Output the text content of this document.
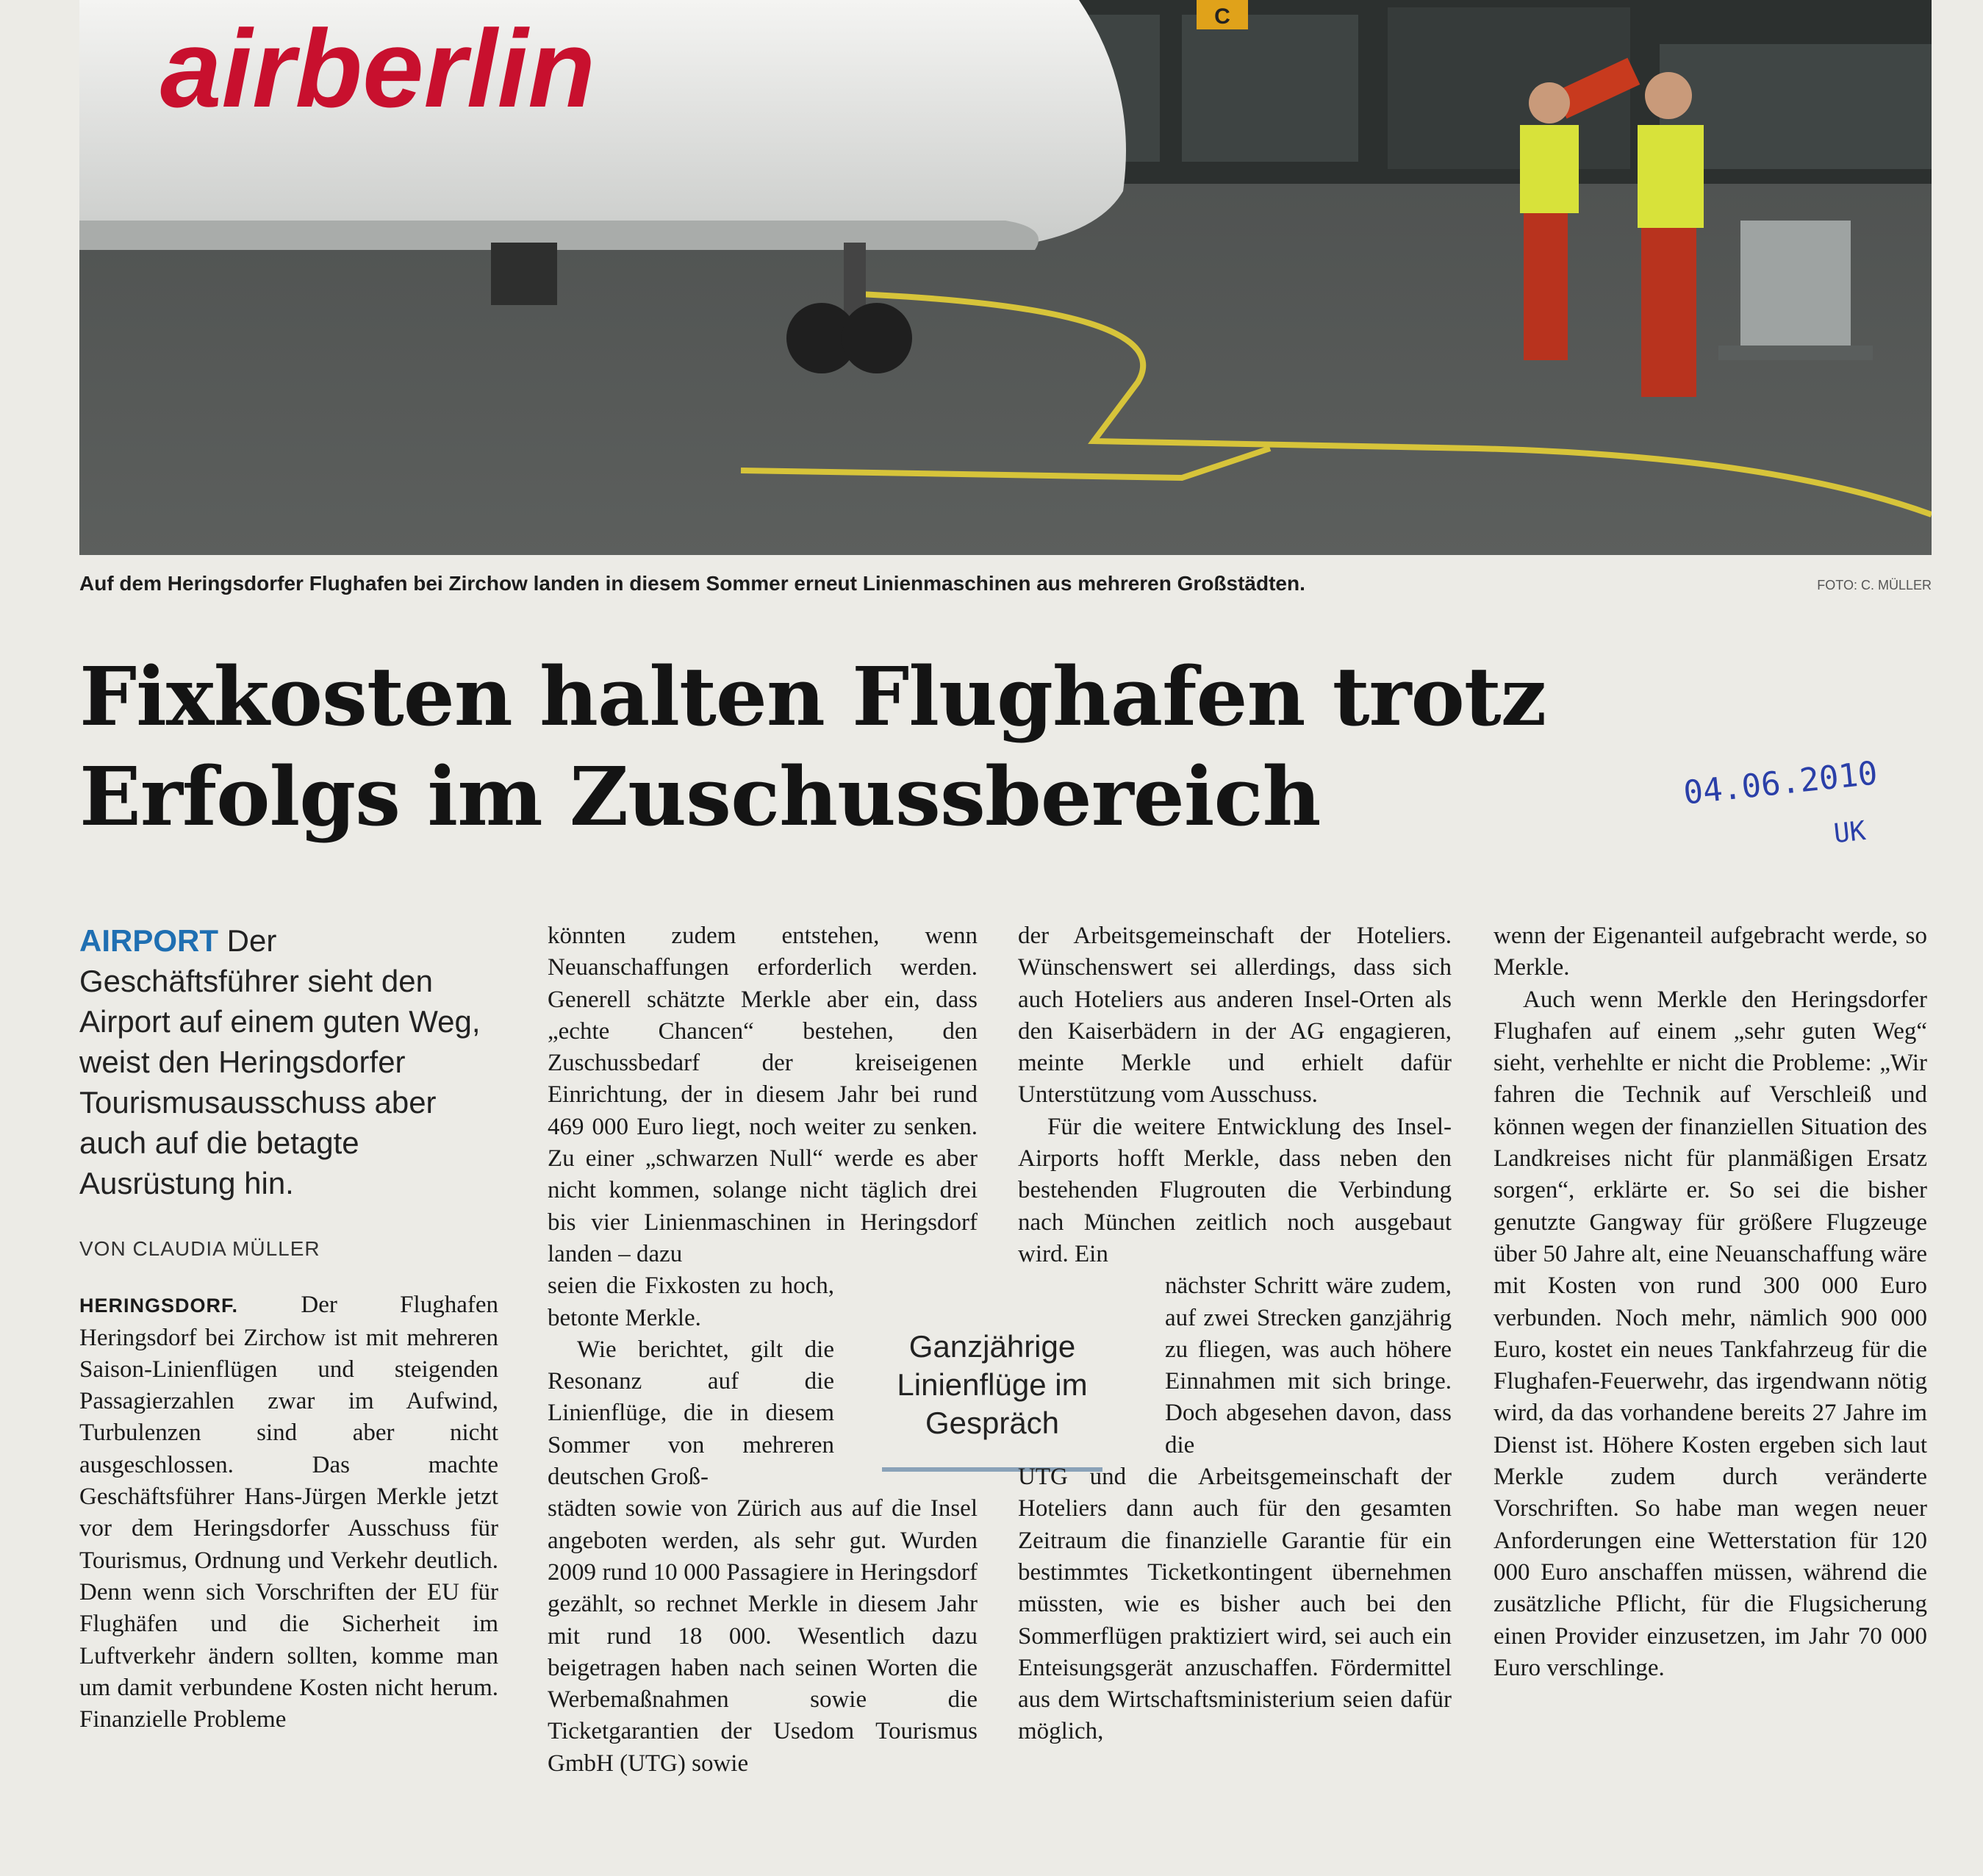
C
airberlin
Auf dem Heringsdorfer Flughafen bei Zirchow landen in diesem Sommer erneut Linienmaschinen aus mehreren Großstädten.	FOTO: C. MÜLLER
Fixkosten halten Flughafen trotz
Erfolgs im Zuschussbereich	04.06.2010
UK
AIRPORT Der Geschäftsführer sieht den Airport auf einem guten Weg, weist den Heringsdorfer Tourismusausschuss aber auch auf die betagte Ausrüstung hin.
VON CLAUDIA MÜLLER

HERINGSDORF.	Der Flughafen Heringsdorf bei Zirchow ist mit mehreren Saison-Linienflügen und steigenden Passagierzahlen zwar im Aufwind, Turbulenzen sind aber nicht ausgeschlossen. Das machte Geschäftsführer Hans-Jürgen Merkle jetzt vor dem Heringsdorfer Ausschuss für Tourismus, Ordnung und Verkehr deutlich. Denn wenn sich Vorschriften der EU für Flughäfen und die Sicherheit im Luftverkehr ändern sollten, komme man um damit verbundene Kosten nicht herum. Finanzielle Probleme

könnten zudem entstehen, wenn Neuanschaffungen erforderlich werden. Generell schätzte Merkle aber ein, dass „echte Chancen“ bestehen, den Zuschussbedarf der kreiseigenen Einrichtung, der in diesem Jahr bei rund 469 000 Euro liegt, noch weiter zu senken. Zu einer „schwarzen Null“ werde es aber nicht kommen, solange nicht täglich drei bis vier Linienmaschinen in Heringsdorf landen – dazu

seien die Fixkosten zu hoch, betonte Merkle.

Wie berichtet, gilt die Resonanz auf die Linienflüge, die in diesem Sommer von mehreren deutschen Groß-

städten sowie von Zürich aus auf die Insel angeboten werden, als sehr gut. Wurden 2009 rund 10 000 Passagiere in Heringsdorf gezählt, so rechnet Merkle in diesem Jahr mit rund 18 000. Wesentlich dazu beigetragen haben nach seinen Worten die Werbemaßnahmen sowie die Ticketgarantien der Usedom Tourismus GmbH (UTG) sowie

Ganzjährige Linienflüge im Gespräch

der Arbeitsgemeinschaft der Hoteliers. Wünschenswert sei allerdings, dass sich auch Hoteliers aus anderen Insel-Orten als den Kaiserbädern in der AG engagieren, meinte Merkle und erhielt dafür Unterstützung vom Ausschuss.

Für die weitere Entwicklung des Insel-Airports hofft Merkle, dass neben den bestehenden Flugrouten die Verbindung nach München zeitlich noch ausgebaut wird. Ein

nächster Schritt wäre zudem, auf zwei Strecken ganzjährig zu fliegen, was auch höhere Einnahmen mit sich bringe. Doch abgesehen davon, dass die

UTG und die Arbeitsgemeinschaft der Hoteliers dann auch für den gesamten Zeitraum die finanzielle Garantie für ein bestimmtes Ticketkontingent übernehmen müssten, wie es bisher auch bei den Sommerflügen praktiziert wird, sei auch ein Enteisungsgerät anzuschaffen. Fördermittel aus dem Wirtschaftsministerium seien dafür möglich,

wenn der Eigenanteil aufgebracht werde, so Merkle.

Auch wenn Merkle den Heringsdorfer Flughafen auf einem „sehr guten Weg“ sieht, verhehlte er nicht die Probleme: „Wir fahren die Technik auf Verschleiß und können wegen der finanziellen Situation des Landkreises nicht für planmäßigen Ersatz sorgen“, erklärte er. So sei die bisher genutzte Gangway für größere Flugzeuge über 50 Jahre alt, eine Neuanschaffung wäre mit Kosten von rund 300 000 Euro verbunden. Noch mehr, nämlich 900 000 Euro, kostet ein neues Tankfahrzeug für die Flughafen-Feuerwehr, das irgendwann nötig wird, da das vorhandene bereits 27 Jahre im Dienst ist. Höhere Kosten ergeben sich laut Merkle zudem durch veränderte Vorschriften. So habe man wegen neuer Anforderungen eine Wetterstation für 120 000 Euro anschaffen müssen, während die zusätzliche Pflicht, für die Flugsicherung einen Provider einzusetzen, im Jahr 70 000 Euro verschlinge.
